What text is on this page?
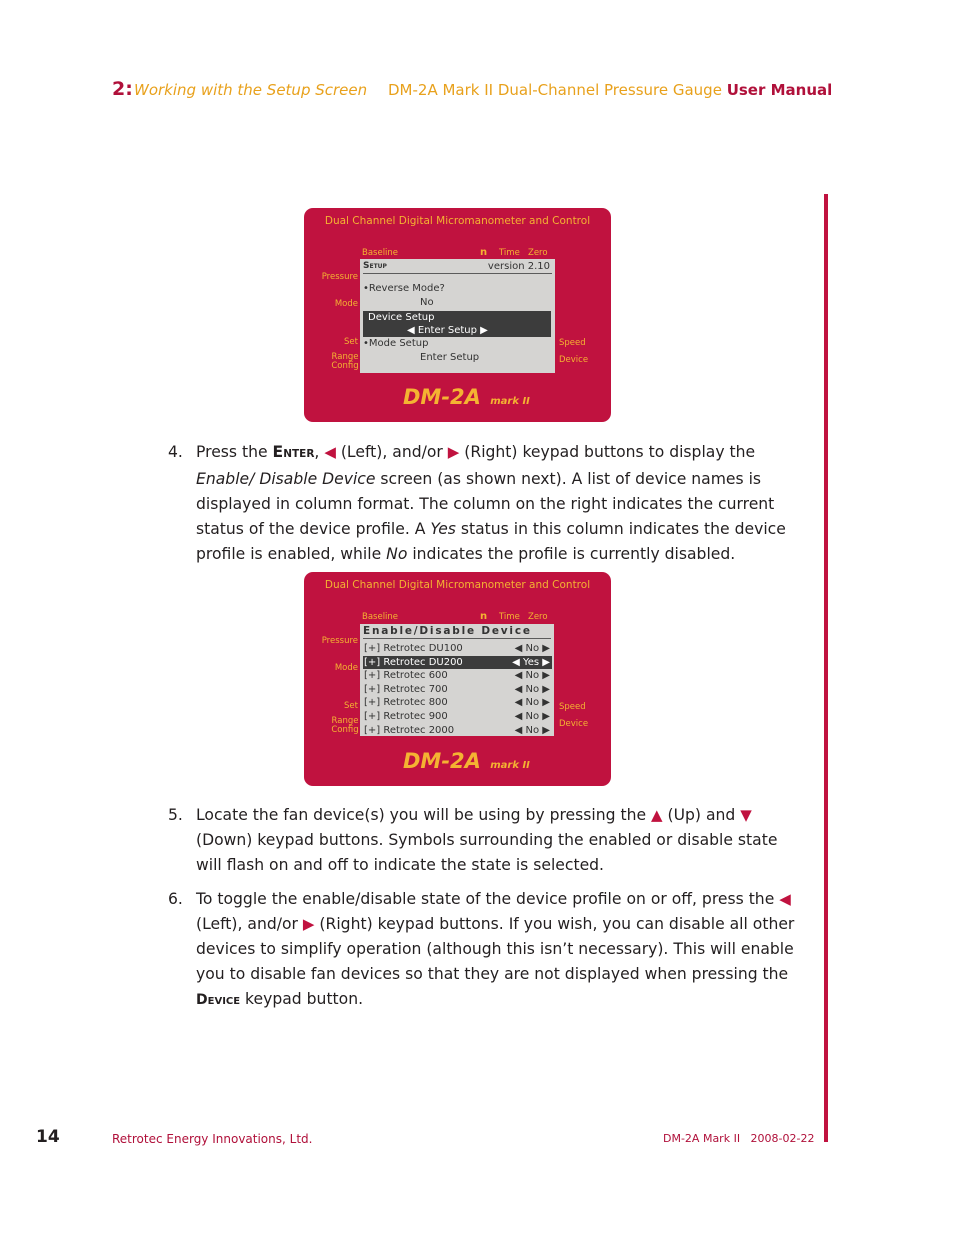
2: Working with the Setup Screen DM-2A Mark II Dual-Channel Pressure Gauge User Manual
Dual Channel Digital Micromanometer and Control
Baseline	n Time Zero
Pressure
Mode
Set
Range
Config
Speed
Device
Setup	version 2.10
•Reverse Mode?
No
Device Setup
◀ Enter Setup ▶
•Mode Setup
Enter Setup
DM-2A mark II
4. Press the ENTER, ◀ (Left), and/or ▶ (Right) keypad buttons to display the Enable/ Disable Device screen (as shown next). A list of device names is displayed in column format. The column on the right indicates the current status of the device profile. A Yes status in this column indicates the device profile is enabled, while No indicates the profile is currently disabled.
Dual Channel Digital Micromanometer and Control
Baseline	n Time Zero
Pressure
Mode
Set
Range
Config
Speed
Device
Enable/Disable Device
[+] Retrotec DU100	◀ No ▶
[+] Retrotec DU200	◀ Yes ▶
[+] Retrotec 600	◀ No ▶
[+] Retrotec 700	◀ No ▶
[+] Retrotec 800	◀ No ▶
[+] Retrotec 900	◀ No ▶
[+] Retrotec 2000	◀ No ▶
DM-2A mark II
5. Locate the fan device(s) you will be using by pressing the ▲ (Up) and ▼ (Down) keypad buttons. Symbols surrounding the enabled or disable state will flash on and off to indicate the state is selected.
6. To toggle the enable/disable state of the device profile on or off, press the ◀ (Left), and/or ▶ (Right) keypad buttons. If you wish, you can disable all other devices to simplify operation (although this isn’t necessary). This will enable you to disable fan devices so that they are not displayed when pressing the Device keypad button.
14	Retrotec Energy Innovations, Ltd.	DM-2A Mark II   2008-02-22
